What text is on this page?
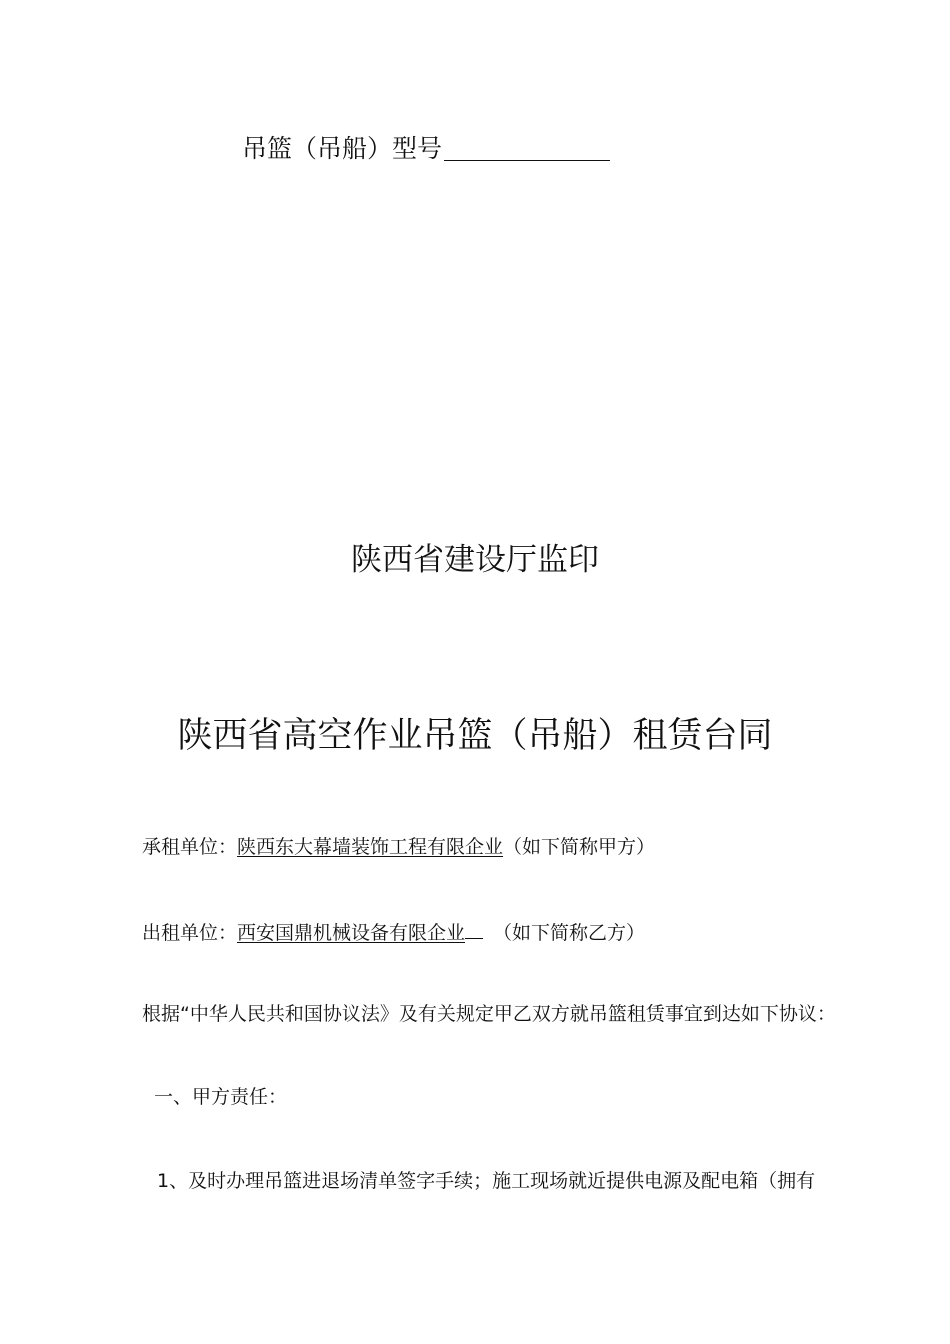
吊篮（吊船）型号
陕西省建设厅监印
陕西省高空作业吊篮（吊船）租赁台同
承租单位：陕西东大幕墙装饰工程有限企业（如下简称甲方）
出租单位：西安国鼎机械设备有限企业 （如下简称乙方）
根据“中华人民共和国协议法》及有关规定甲乙双方就吊篮租赁事宜到达如下协议：
一、甲方责任：
1、及时办理吊篮进退场清单签字手续；施工现场就近提供电源及配电箱（拥有
